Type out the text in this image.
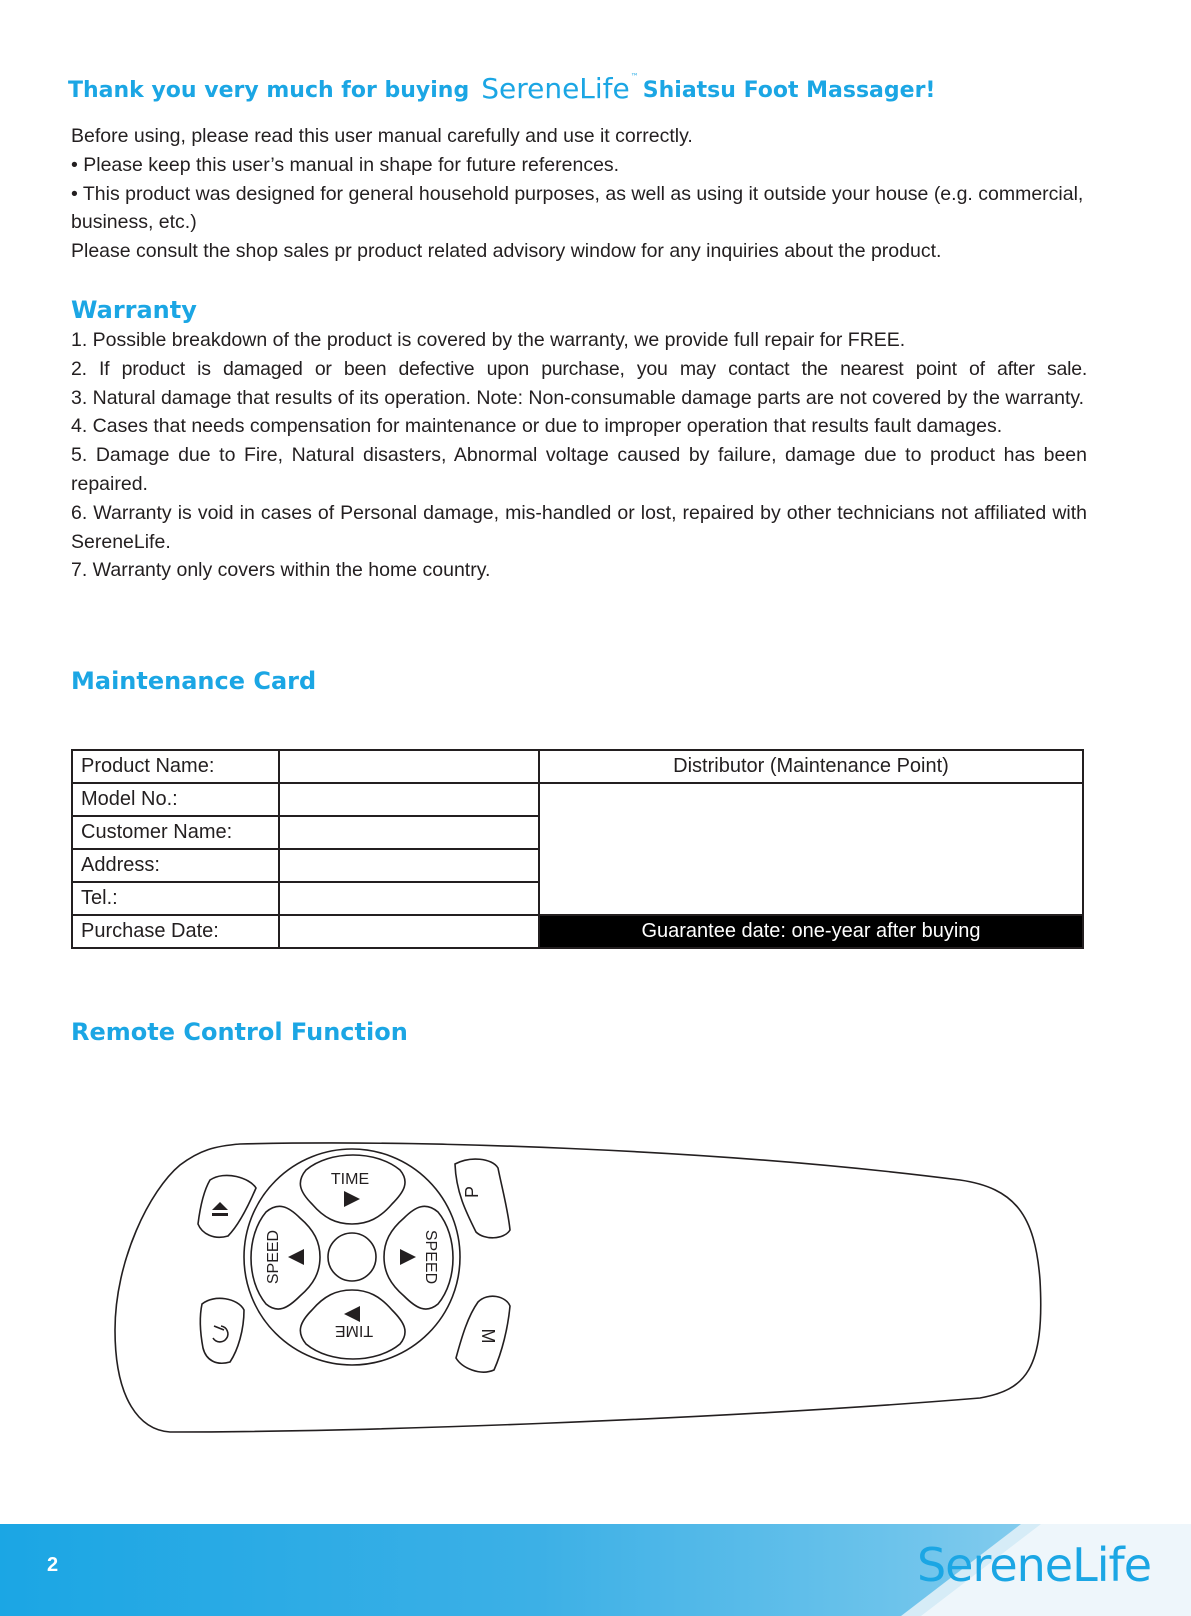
Thank you very much for buying SereneLife™
Shiatsu Foot Massager!

Before using, please read this user manual carefully and use it correctly.

• Please keep this user’s manual in shape for future references.

• This product was designed for general household purposes, as well as using it outside your house (e.g. commercial, business, etc.)

Please consult the shop sales pr product related advisory window for any inquiries about the product.

Warranty

1. Possible breakdown of the product is covered by the warranty, we provide full repair for FREE.

2. If product is damaged or been defective upon purchase, you may contact the nearest point of after sale.

3. Natural damage that results of its operation. Note: Non-consumable damage parts are not covered by the warranty.

4. Cases that needs compensation for maintenance or due to improper operation that results fault damages.

5. Damage due to Fire, Natural disasters, Abnormal voltage caused by failure, damage due to product has been repaired.

6. Warranty is void in cases of Personal damage, mis-handled or lost, repaired by other technicians not affiliated with SereneLife.

7. Warranty only covers within the home country.

Maintenance Card
Product Name:		Distributor (Maintenance Point)
Model No.:		
Customer Name:		
Address:		
Tel.:		
Purchase Date:		Guarantee date: one-year after buying
Remote Control Function
P
M
TIME
TIME
SPEED	SPEED
2	SereneLife
